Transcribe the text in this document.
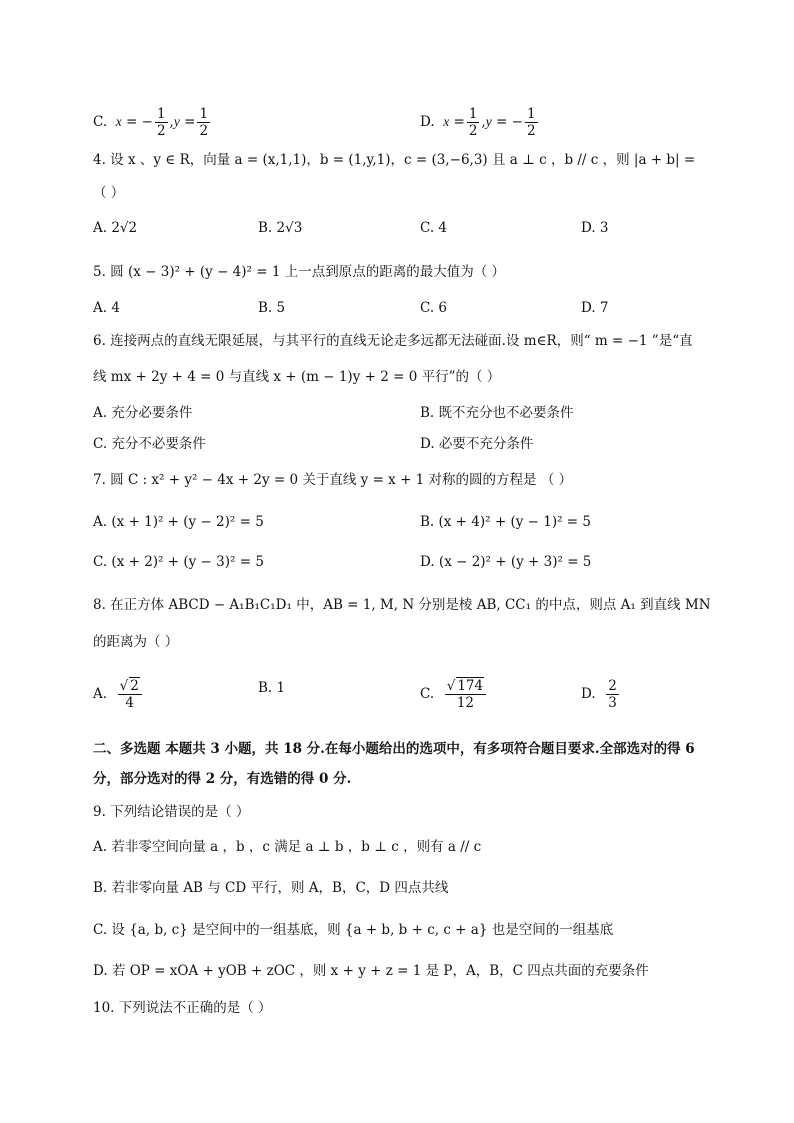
C.  x = − $\frac{1}{2} ,y = \frac{1}{2}$	D.  $x = \frac{1}{2} ,y$ = − $\frac{1}{2}$
4. 设 x 、y ∈ R，向量 a = (x,1,1)，b = (1,y,1)，c = (3,−6,3) 且 a ⊥ c ，b // c ，则 |a + b| =
（ ）
A. 2√2	B. 2√3	C. 4	D. 3
5. 圆 (x − 3)² + (y − 4)² = 1 上一点到原点的距离的最大值为（ ）
A. 4	B. 5	C. 6	D. 7
6. 连接两点的直线无限延展，与其平行的直线无论走多远都无法碰面.设 m∈R，则“ m = −1 ”是“直
线 mx + 2y + 4 = 0 与直线 x + (m − 1)y + 2 = 0 平行”的（ ）
A. 充分必要条件	B. 既不充分也不必要条件
C. 充分不必要条件	D. 必要不充分条件
7. 圆 C : x² + y² − 4x + 2y = 0 关于直线 y = x + 1 对称的圆的方程是 （ ）
A. (x + 1)² + (y − 2)² = 5	B. (x + 4)² + (y − 1)² = 5
C. (x + 2)² + (y − 3)² = 5	D. (x − 2)² + (y + 3)² = 5
8. 在正方体 ABCD − A₁B₁C₁D₁ 中，AB = 1, M, N 分别是棱 AB, CC₁ 的中点，则点 A₁ 到直线 MN
的距离为（ ）
A. $\frac{√ 2}{4}$	B. 1	C. $\frac{√ 174}{12}$	D. $\frac{2}{3}$
二、多选题 本题共 3 小题，共 18 分.在每小题给出的选项中，有多项符合题目要求.全部选对的得 6
分，部分选对的得 2 分，有选错的得 0 分.
9. 下列结论错误的是（ ）
A. 若非零空间向量 a ，b ，c 满足 a ⊥ b ，b ⊥ c ，则有 a // c
B. 若非零向量 AB 与 CD 平行，则 A，B，C，D 四点共线
C. 设 {a, b, c} 是空间中的一组基底，则 {a + b, b + c, c + a} 也是空间的一组基底
D. 若 OP = xOA + yOB + zOC ，则 x + y + z = 1 是 P，A，B，C 四点共面的充要条件
10. 下列说法不正确的是（ ）
